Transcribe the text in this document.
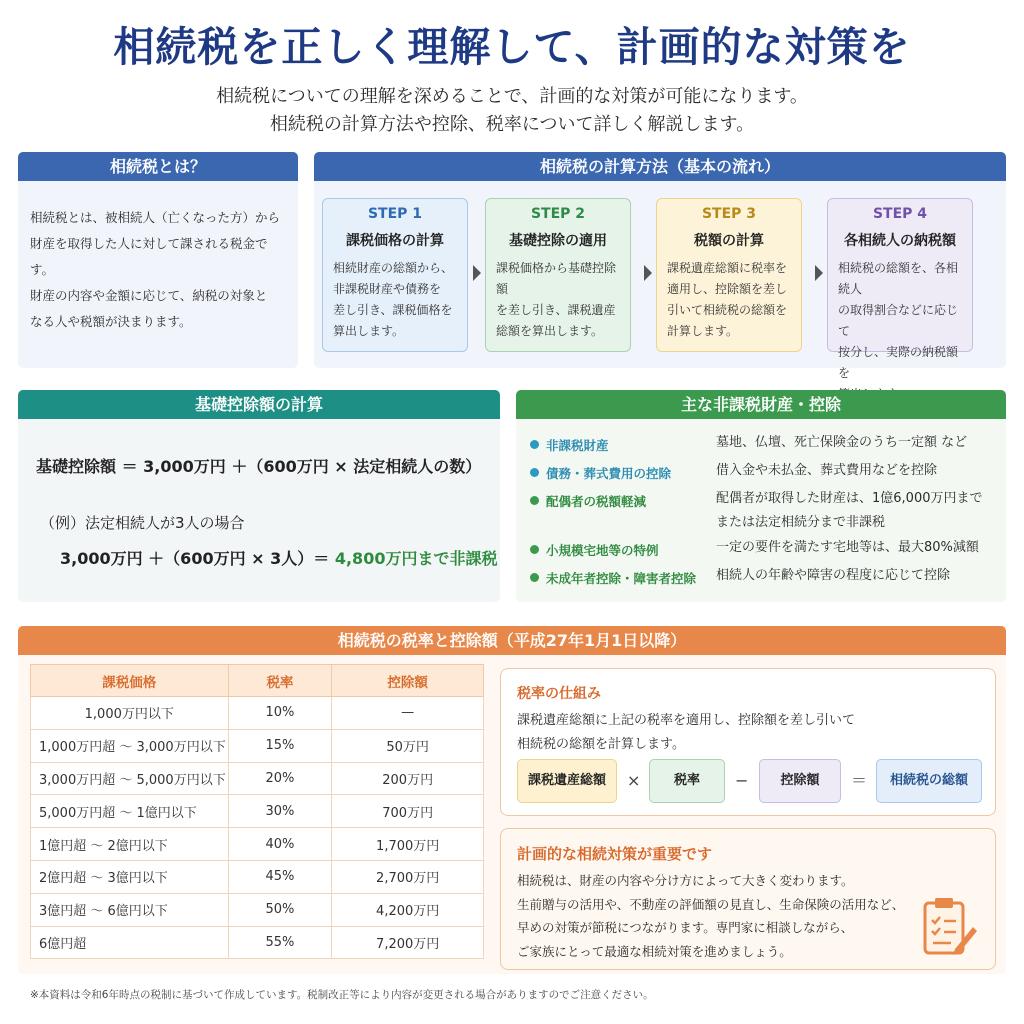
相続税を正しく理解して、計画的な対策を
相続税についての理解を深めることで、計画的な対策が可能になります。
相続税の計算方法や控除、税率について詳しく解説します。
相続税とは？
相続税とは、被相続人（亡くなった方）から
財産を取得した人に対して課される税金です。
財産の内容や金額に応じて、納税の対象と
なる人や税額が決まります。
相続税の計算方法（基本の流れ）
STEP 1
課税価格の計算
相続財産の総額から、
非課税財産や債務を
差し引き、課税価格を
算出します。
STEP 2
基礎控除の適用
課税価格から基礎控除額
を差し引き、課税遺産
総額を算出します。
STEP 3
税額の計算
課税遺産総額に税率を
適用し、控除額を差し
引いて相続税の総額を
計算します。
STEP 4
各相続人の納税額
相続税の総額を、各相続人
の取得割合などに応じて
按分し、実際の納税額を
基礎控除額の計算
基礎控除額 ＝ 3,000万円 ＋（600万円 × 法定相続人の数）
（例）法定相続人が3人の場合
3,000万円 ＋（600万円 × 3人）＝ 4,800万円まで非課税
主な非課税財産・控除
非課税財産	墓地、仏壇、死亡保険金のうち一定額 など
債務・葬式費用の控除	借入金や未払金、葬式費用などを控除
配偶者の税額軽減	配偶者が取得した財産は、1億6,000万円まで
または法定相続分まで非課税
小規模宅地等の特例	一定の要件を満たす宅地等は、最大80%減額
未成年者控除・障害者控除 相続人の年齢や障害の程度に応じて控除
相続税の税率と控除額（平成27年1月1日以降）
課税価格	税率	控除額
1,000万円以下	10%	—
1,000万円超 ～ 3,000万円以下	15%	50万円
3,000万円超 ～ 5,000万円以下	20%	200万円
5,000万円超 ～ 1億円以下	30%	700万円
1億円超 ～ 2億円以下	40%	1,700万円
2億円超 ～ 3億円以下	45%	2,700万円
3億円超 ～ 6億円以下	50%	4,200万円
6億円超	55%	7,200万円
税率の仕組み
課税遺産総額に上記の税率を適用し、控除額を差し引いて
相続税の総額を計算します。
課税遺産総額	×	税率	−	控除額	＝	相続税の総額
計画的な相続対策が重要です
相続税は、財産の内容や分け方によって大きく変わります。
生前贈与の活用や、不動産の評価額の見直し、生命保険の活用など、
早めの対策が節税につながります。専門家に相談しながら、
ご家族にとって最適な相続対策を進めましょう。
※本資料は令和6年時点の税制に基づいて作成しています。税制改正等により内容が変更される場合がありますのでご注意ください。
